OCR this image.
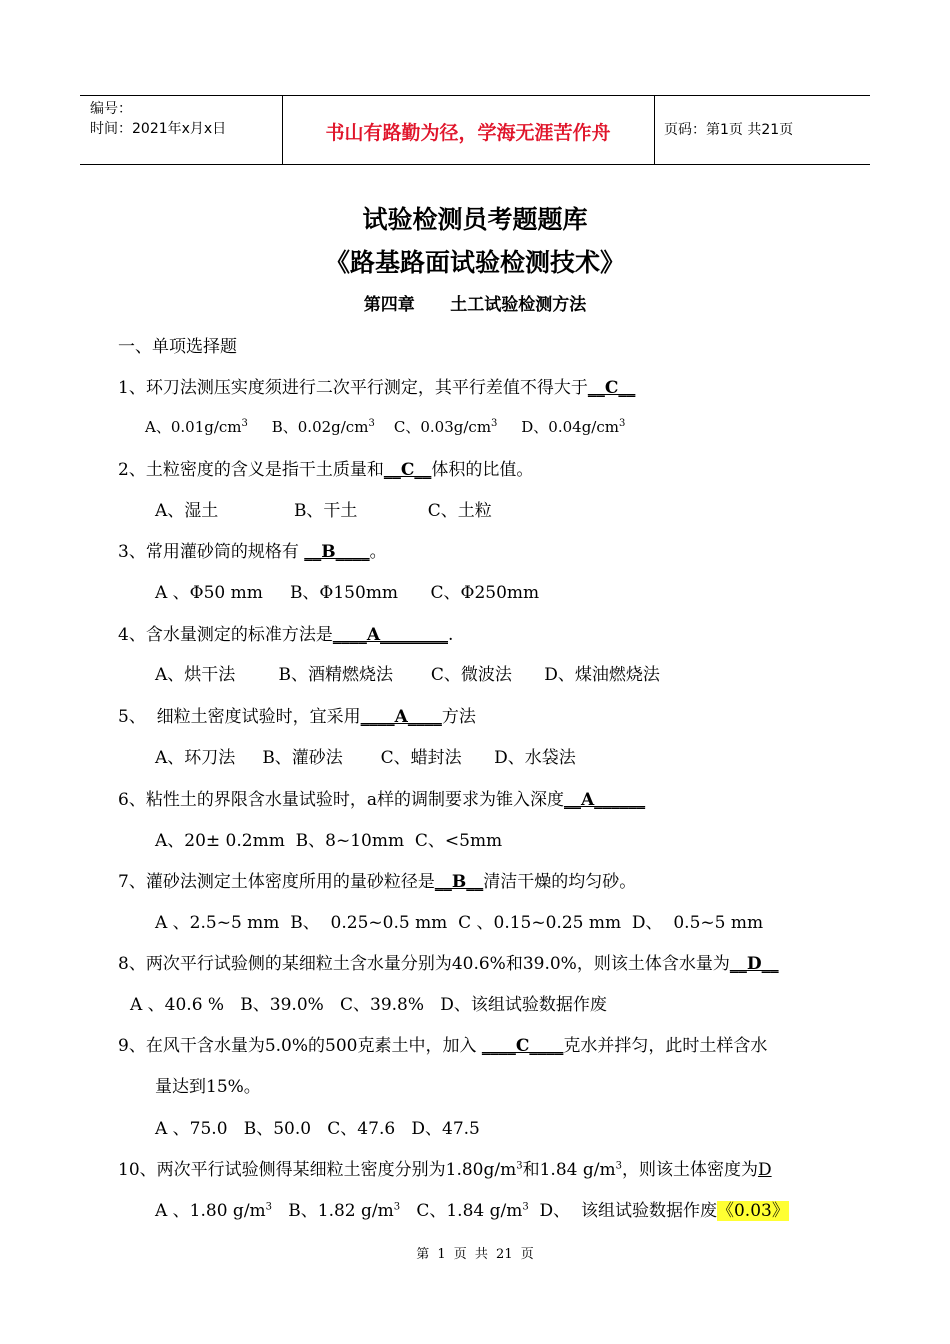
编号：
时间：2021年x月x日	书山有路勤为径，学海无涯苦作舟	页码：第1页 共21页
试验检测员考题题库
《路基路面试验检测技术》
第四章      土工试验检测方法
一、单项选择题
1、环刀法测压实度须进行二次平行测定，其平行差值不得大于__C__
A、$0.01g/cm^3$ B、$0.02g/cm^3$ C、$0.03g/cm^3$ D、$0.04g/cm^3$
2、土粒密度的含义是指干土质量和__C__体积的比值。
A、湿土	B、干土	C、土粒
3、常用灌砂筒的规格有 __B____。
A 、Φ50 mm B、Φ150mm C、Φ250mm
4、含水量测定的标准方法是____A________.
A、烘干法	B、酒精燃烧法 C、微波法 D、煤油燃烧法
5、  细粒土密度试验时，宜采用____A____方法
A、环刀法 B、灌砂法 C、蜡封法 D、水袋法
6、粘性土的界限含水量试验时，a样的调制要求为锥入深度__A______
A、20± 0.2mm  B、8~10mm  C、<5mm
7、灌砂法测定土体密度所用的量砂粒径是__B__清洁干燥的均匀砂。
A 、2.5~5 mm  B、  0.25~0.5 mm  C 、0.15~0.25 mm  D、  0.5~5 mm
8、两次平行试验侧的某细粒土含水量分别为40.6%和39.0%，则该土体含水量为__D__
A 、40.6 %   B、39.0%   C、39.8%   D、该组试验数据作废
9、在风干含水量为5.0%的500克素土中，加入 ____C____克水并拌匀，此时土样含水
量达到15%。
A 、75.0   B、50.0   C、47.6   D、47.5
10、两次平行试验侧得某细粒土密度分别为$1.80g/m^3$和1.84 $g/m^3$，则该土体密度为D
A 、1.80 $g/m^3$ B、1.82 $g/m^3$ C、1.84 $g/m^3$ D、  该组试验数据作废《0.03》
第 1 页 共 21 页
